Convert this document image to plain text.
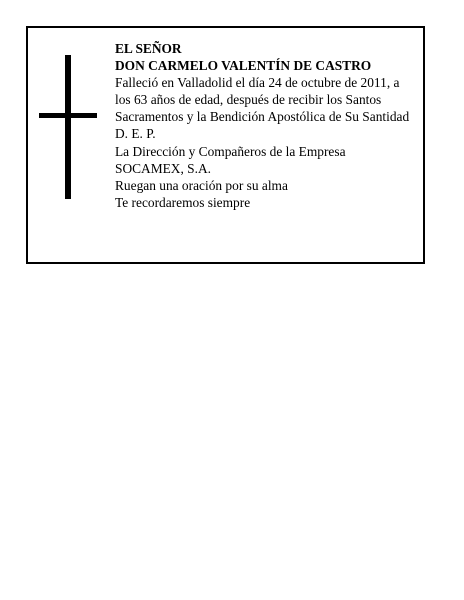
EL SEÑOR
DON CARMELO VALENTÍN DE CASTRO
Falleció en Valladolid el día 24 de octubre de 2011, a
los 63 años de edad, después de recibir los Santos
Sacramentos y la Bendición Apostólica de Su Santidad
D. E. P.
La Dirección y Compañeros de la Empresa
SOCAMEX, S.A.
Ruegan una oración por su alma
Te recordaremos siempre
